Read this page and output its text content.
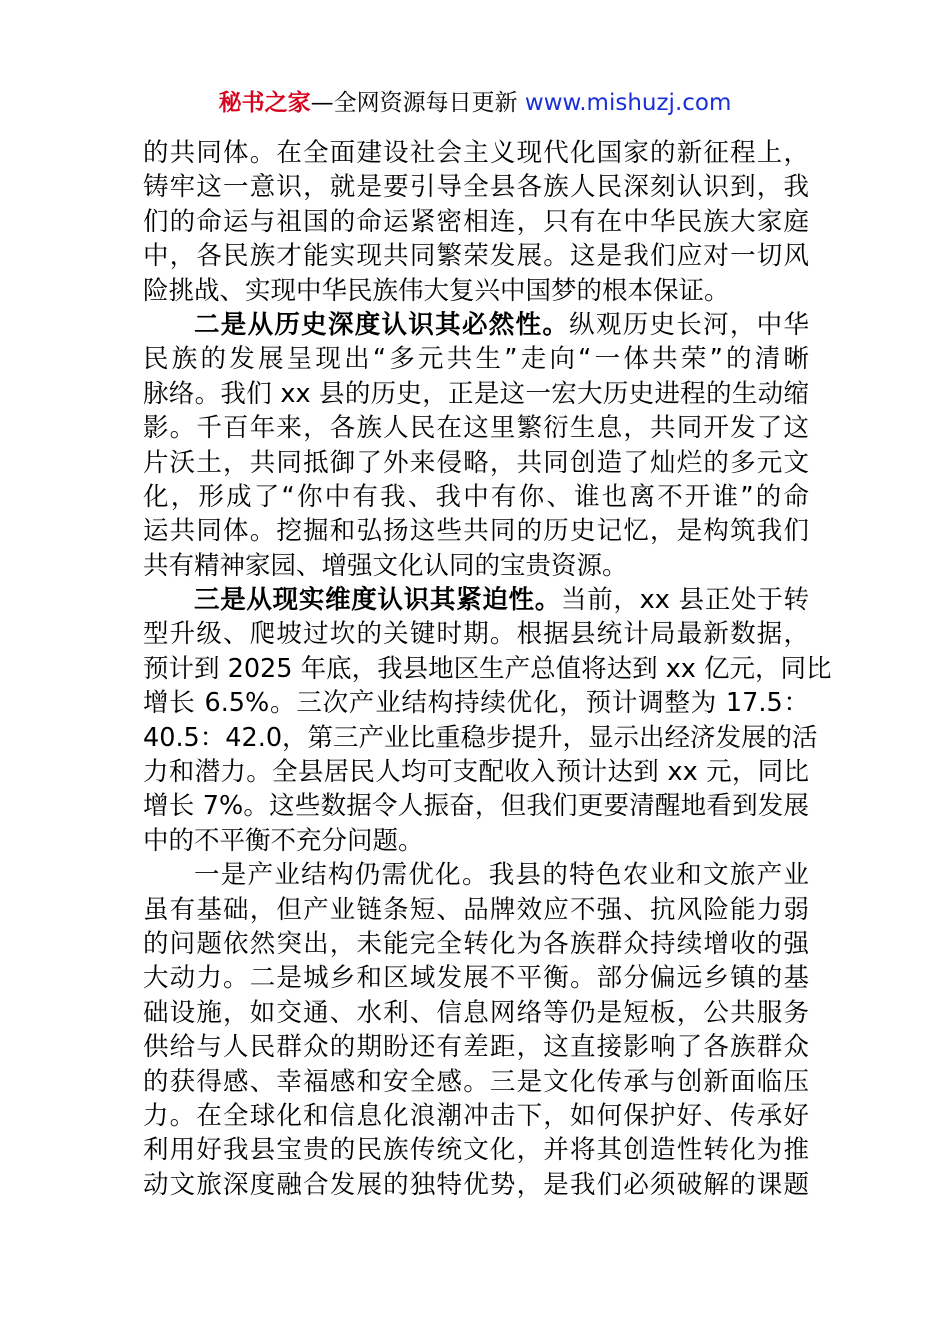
秘书之家—全网资源每日更新 www.mishuzj.com
的共同体。在全面建设社会主义现代化国家的新征程上，
铸牢这一意识，就是要引导全县各族人民深刻认识到，我
们的命运与祖国的命运紧密相连，只有在中华民族大家庭
中，各民族才能实现共同繁荣发展。这是我们应对一切风
险挑战、实现中华民族伟大复兴中国梦的根本保证。
二是从历史深度认识其必然性。纵观历史长河，中华
民族的发展呈现出“多元共生”走向“一体共荣”的清晰
脉络。我们 xx 县的历史，正是这一宏大历史进程的生动缩
影。千百年来，各族人民在这里繁衍生息，共同开发了这
片沃土，共同抵御了外来侵略，共同创造了灿烂的多元文
化，形成了“你中有我、我中有你、谁也离不开谁”的命
运共同体。挖掘和弘扬这些共同的历史记忆，是构筑我们
共有精神家园、增强文化认同的宝贵资源。
三是从现实维度认识其紧迫性。当前，xx 县正处于转
型升级、爬坡过坎的关键时期。根据县统计局最新数据，
预计到 2025 年底，我县地区生产总值将达到 xx 亿元，同比
增长 6.5%。三次产业结构持续优化，预计调整为 17.5：
40.5：42.0，第三产业比重稳步提升，显示出经济发展的活
力和潜力。全县居民人均可支配收入预计达到 xx 元，同比
增长 7%。这些数据令人振奋，但我们更要清醒地看到发展
中的不平衡不充分问题。
一是产业结构仍需优化。我县的特色农业和文旅产业
虽有基础，但产业链条短、品牌效应不强、抗风险能力弱
的问题依然突出，未能完全转化为各族群众持续增收的强
大动力。二是城乡和区域发展不平衡。部分偏远乡镇的基
础设施，如交通、水利、信息网络等仍是短板，公共服务
供给与人民群众的期盼还有差距，这直接影响了各族群众
的获得感、幸福感和安全感。三是文化传承与创新面临压
力。在全球化和信息化浪潮冲击下，如何保护好、传承好
利用好我县宝贵的民族传统文化，并将其创造性转化为推
动文旅深度融合发展的独特优势，是我们必须破解的课题
